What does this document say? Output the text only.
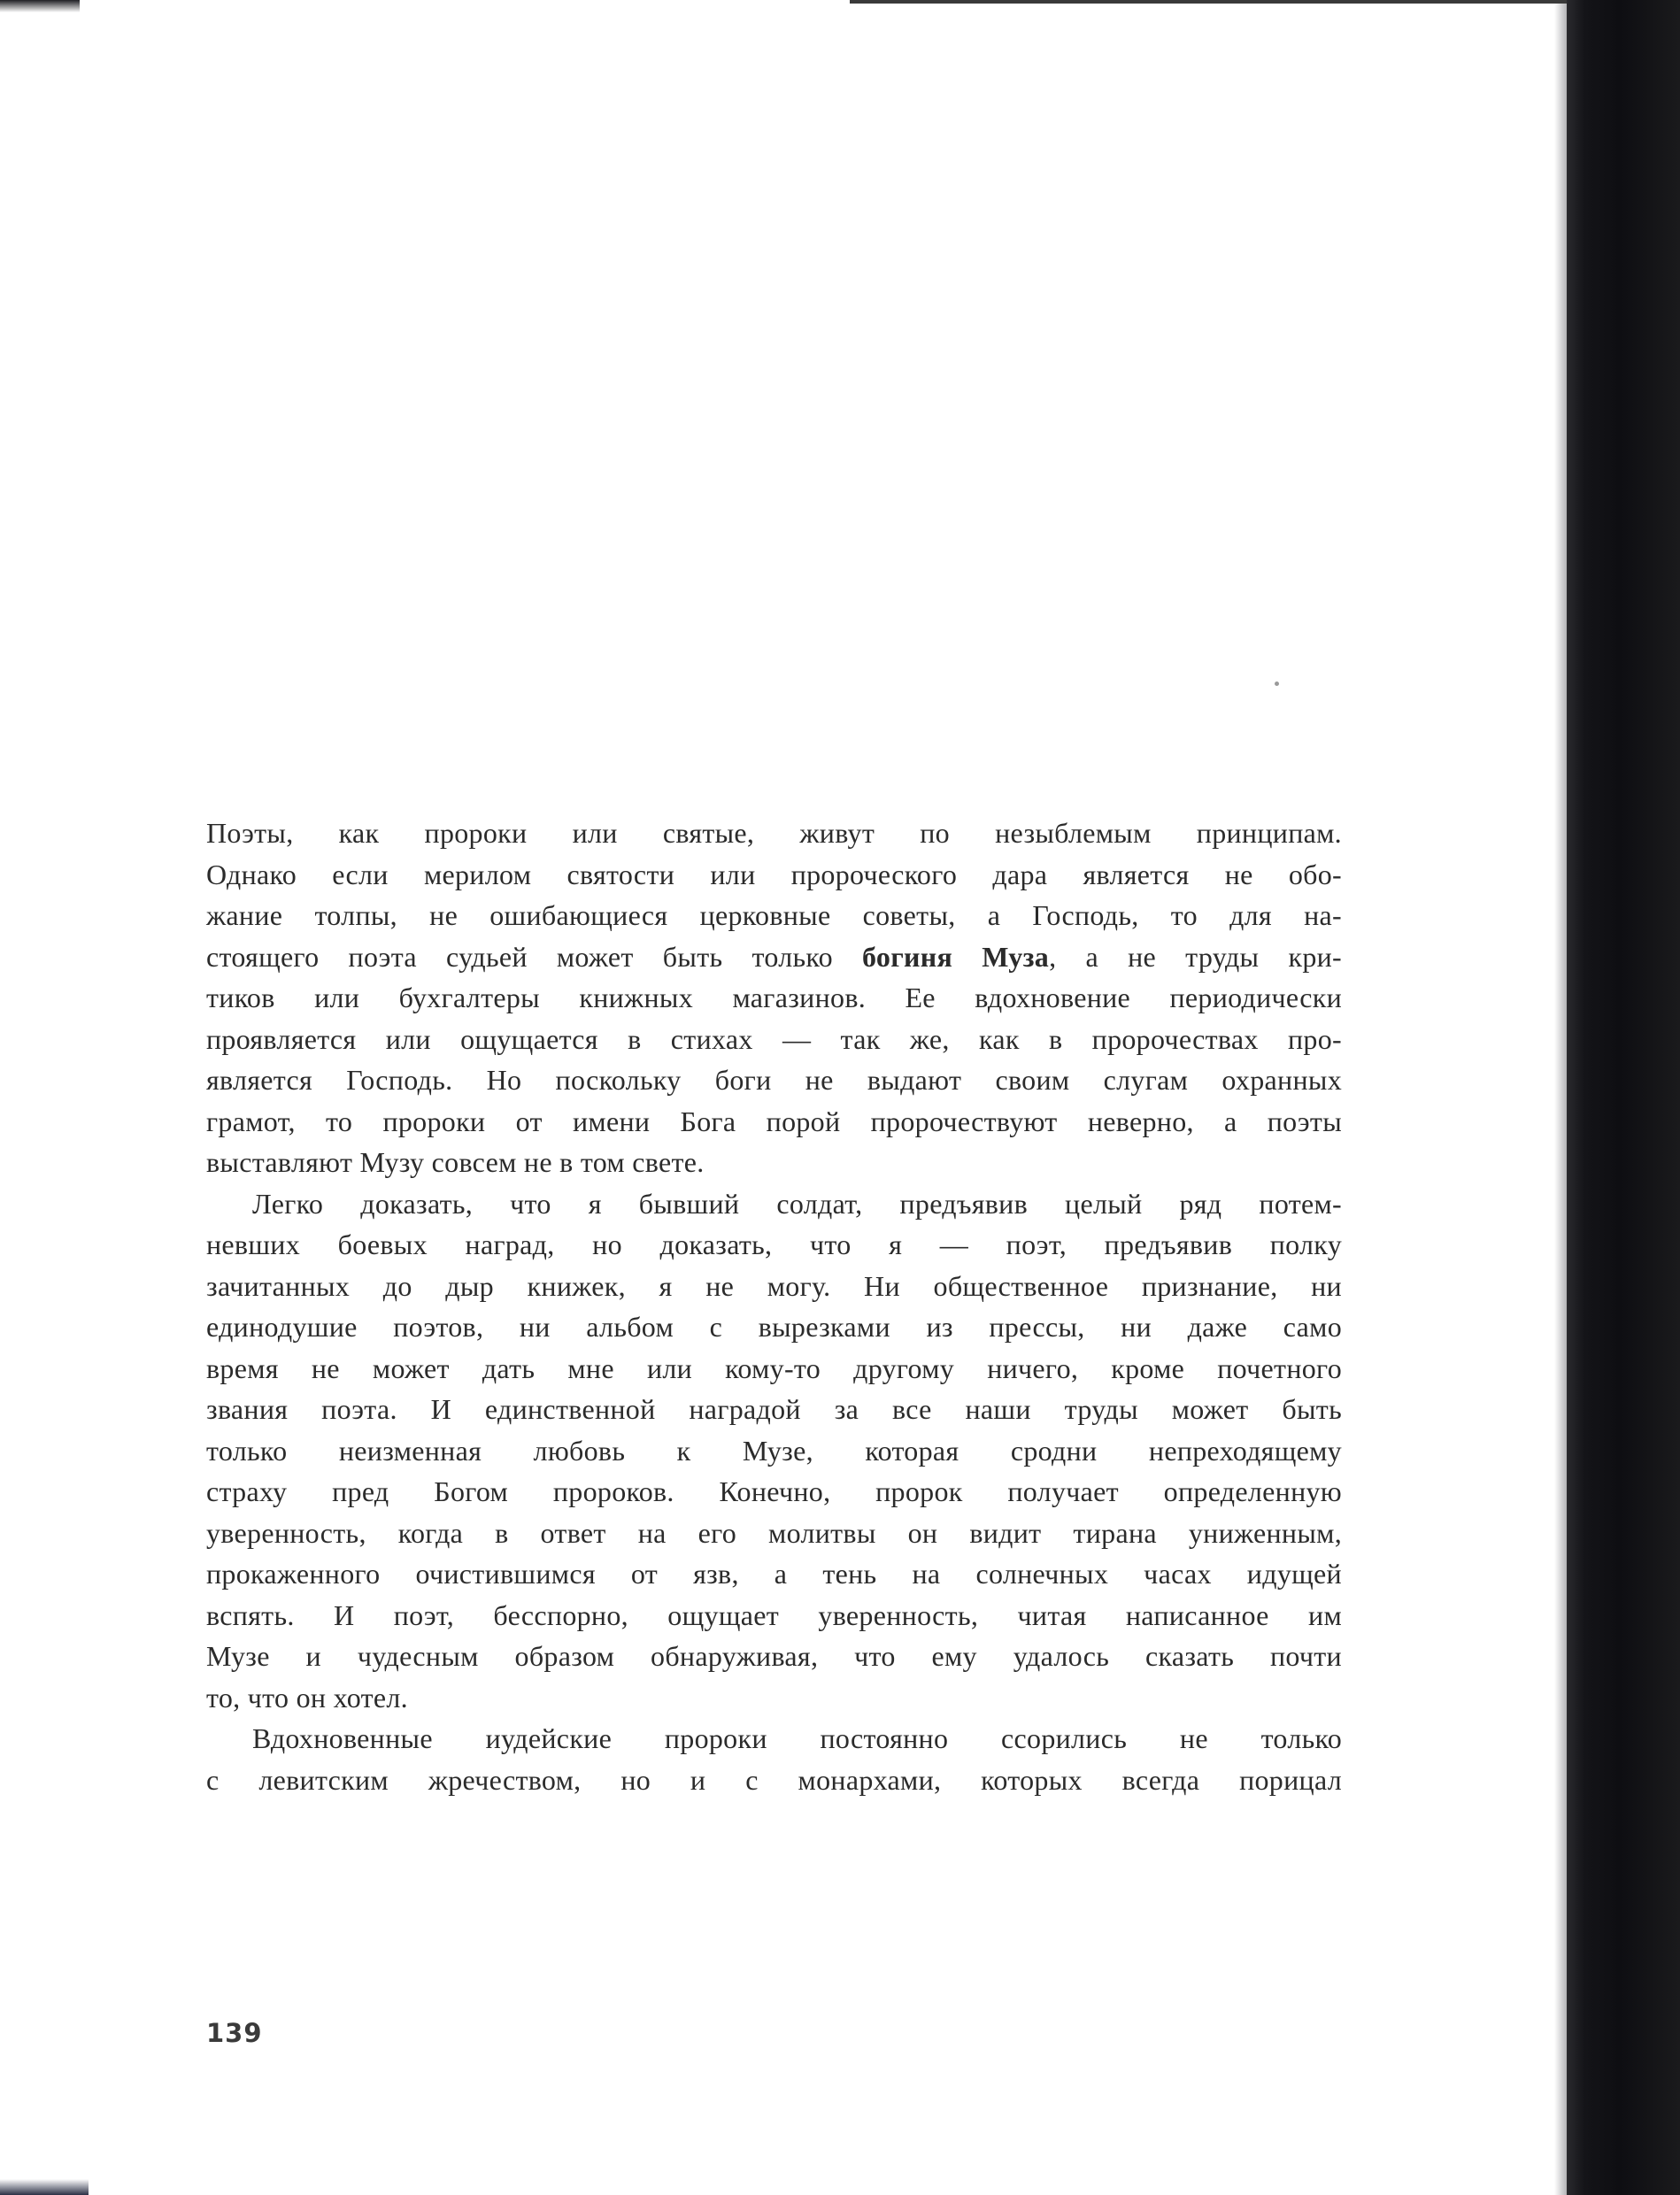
Поэты, как пророки или святые, живут по незыблемым принципам.
Однако если мерилом святости или пророческого дара является не обо-
жание толпы, не ошибающиеся церковные советы, а Господь, то для на-
стоящего поэта судьей может быть только богиня Муза, а не труды кри-
тиков или бухгалтеры книжных магазинов. Ее вдохновение периодически
проявляется или ощущается в стихах — так же, как в пророчествах про-
является Господь. Но поскольку боги не выдают своим слугам охранных
грамот, то пророки от имени Бога порой пророчествуют неверно, а поэты
выставляют Музу совсем не в том свете.
Легко доказать, что я бывший солдат, предъявив целый ряд потем-
невших боевых наград, но доказать, что я — поэт, предъявив полку
зачитанных до дыр книжек, я не могу. Ни общественное признание, ни
единодушие поэтов, ни альбом с вырезками из прессы, ни даже само
время не может дать мне или кому-то другому ничего, кроме почетного
звания поэта. И единственной наградой за все наши труды может быть
только неизменная любовь к Музе, которая сродни непреходящему
страху пред Богом пророков. Конечно, пророк получает определенную
уверенность, когда в ответ на его молитвы он видит тирана униженным,
прокаженного очистившимся от язв, а тень на солнечных часах идущей
вспять. И поэт, бесспорно, ощущает уверенность, читая написанное им
Музе и чудесным образом обнаруживая, что ему удалось сказать почти
то, что он хотел.
Вдохновенные иудейские пророки постоянно ссорились не только
с левитским жречеством, но и с монархами, которых всегда порицал
139
